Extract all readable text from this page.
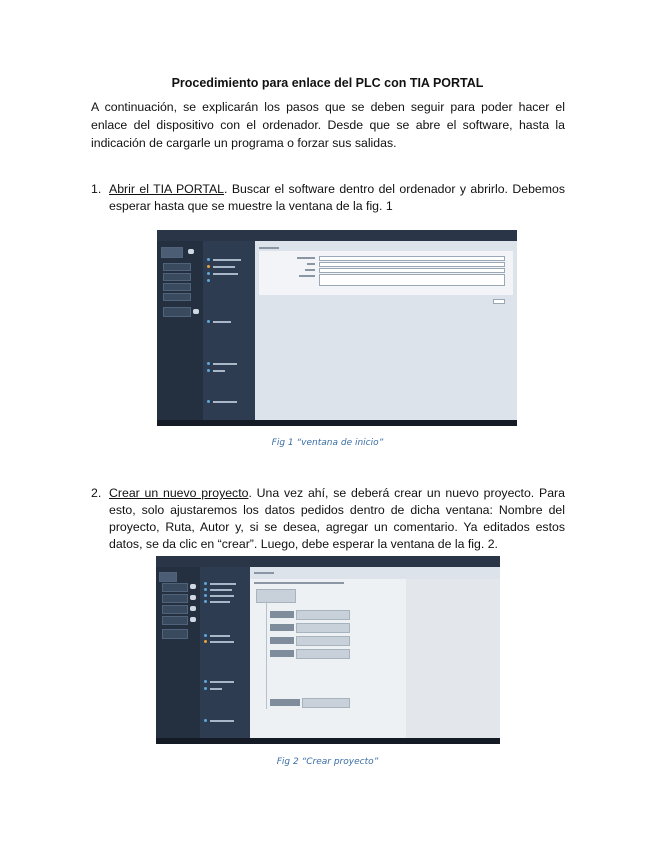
Procedimiento para enlace del PLC con TIA PORTAL

A continuación, se explicarán los pasos que se deben seguir para poder hacer el enlace del dispositivo con el ordenador. Desde que se abre el software, hasta la indicación de cargarle un programa o forzar sus salidas.

1. Abrir el TIA PORTAL. Buscar el software dentro del ordenador y abrirlo. Debemos esperar hasta que se muestre la ventana de la fig. 1
Fig 1 “ventana de inicio”
2. Crear un nuevo proyecto. Una vez ahí, se deberá crear un nuevo proyecto. Para esto, solo ajustaremos los datos pedidos dentro de dicha ventana: Nombre del proyecto, Ruta, Autor y, si se desea, agregar un comentario. Ya editados estos datos, se da clic en “crear”. Luego, debe esperar la ventana de la fig. 2.
Fig 2 “Crear proyecto”
